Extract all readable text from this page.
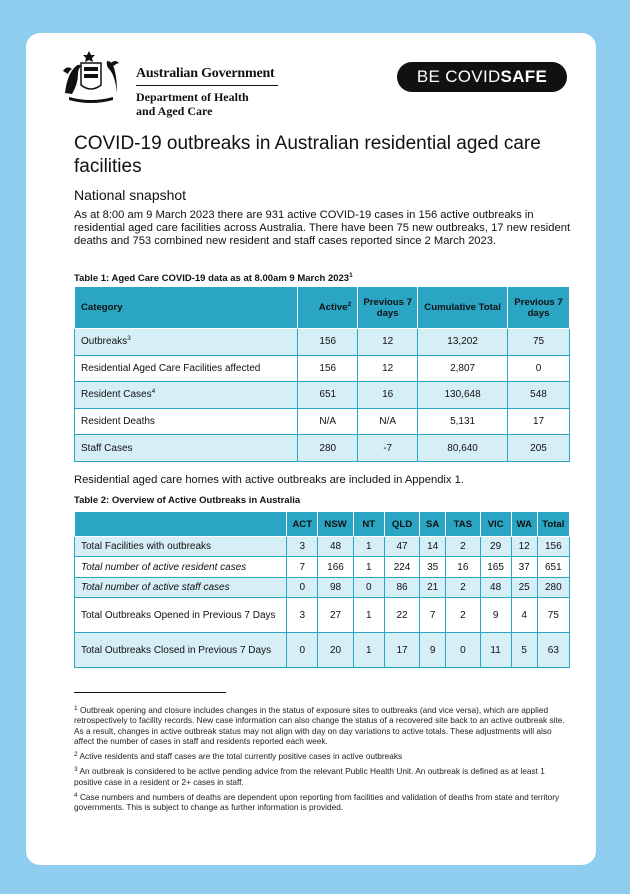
Australian Government
Department of Health
and Aged Care
BE COVIDSAFE
COVID-19 outbreaks in Australian residential aged care facilities
National snapshot
As at 8:00 am 9 March 2023 there are 931 active COVID-19 cases in 156 active outbreaks in residential aged care facilities across Australia. There have been 75 new outbreaks, 17 new resident deaths and 753 combined new resident and staff cases reported since 2 March 2023.
Table 1: Aged Care COVID-19 data as at 8.00am 9 March 2023$^1$
Category	Active$^2$	Previous 7 days	Cumulative Total	Previous 7 days
Outbreaks$^3$	156	12	13,202	75
Residential Aged Care Facilities affected	156	12	2,807	0
Resident Cases$^4$	651	16	130,648	548
Resident Deaths	N/A	N/A	5,131	17
Staff Cases	280	-7	80,640	205
Residential aged care homes with active outbreaks are included in Appendix 1.
Table 2: Overview of Active Outbreaks in Australia
	ACT	NSW	NT	QLD	SA	TAS	VIC	WA	Total
Total Facilities with outbreaks	3	48	1	47	14	2	29	12	156
Total number of active resident cases	7	166	1	224	35	16	165	37	651
Total number of active staff cases	0	98	0	86	21	2	48	25	280
Total Outbreaks Opened in Previous 7 Days	3	27	1	22	7	2	9	4	75
Total Outbreaks Closed in Previous 7 Days	0	20	1	17	9	0	11	5	63

$^1$ Outbreak opening and closure includes changes in the status of exposure sites to outbreaks (and vice versa), which are applied retrospectively to facility records. New case information can also change the status of a recovered site back to an active outbreak site. As a result, changes in active outbreak status may not align with day on day variations to active totals. These adjustments will also affect the number of cases in staff and residents reported each week.

$^2$ Active residents and staff cases are the total currently positive cases in active outbreaks

$^3$ An outbreak is considered to be active pending advice from the relevant Public Health Unit. An outbreak is defined as at least 1 positive case in a resident or 2+ cases in staff.

$^4$ Case numbers and numbers of deaths are dependent upon reporting from facilities and validation of deaths from state and territory governments. This is subject to change as further information is provided.
